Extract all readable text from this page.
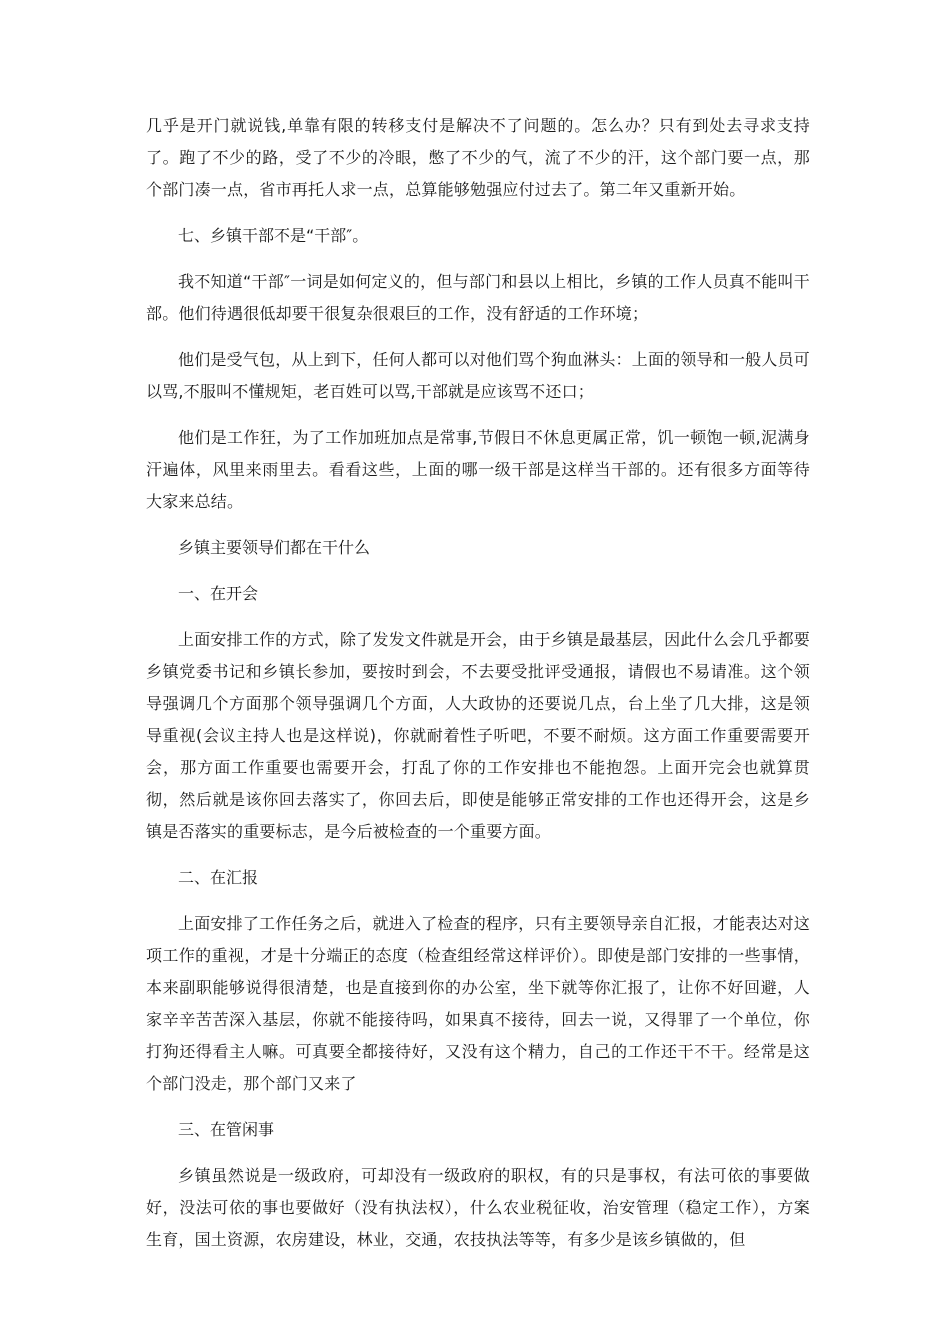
几乎是开门就说钱,单靠有限的转移支付是解决不了问题的。怎么办？只有到处去寻求支持了。跑了不少的路，受了不少的冷眼，憋了不少的气，流了不少的汗，这个部门要一点，那个部门凑一点，省市再托人求一点，总算能够勉强应付过去了。第二年又重新开始。

七、乡镇干部不是“干部″。

我不知道“干部″一词是如何定义的，但与部门和县以上相比，乡镇的工作人员真不能叫干部。他们待遇很低却要干很复杂很艰巨的工作，没有舒适的工作环境；

他们是受气包，从上到下，任何人都可以对他们骂个狗血淋头：上面的领导和一般人员可以骂,不服叫不懂规矩，老百姓可以骂,干部就是应该骂不还口；

他们是工作狂，为了工作加班加点是常事,节假日不休息更属正常，饥一顿饱一顿,泥满身汗遍体，风里来雨里去。看看这些，上面的哪一级干部是这样当干部的。还有很多方面等待大家来总结。

乡镇主要领导们都在干什么

一、在开会

上面安排工作的方式，除了发发文件就是开会，由于乡镇是最基层，因此什么会几乎都要乡镇党委书记和乡镇长参加，要按时到会，不去要受批评受通报，请假也不易请准。这个领导强调几个方面那个领导强调几个方面，人大政协的还要说几点，台上坐了几大排，这是领导重视(会议主持人也是这样说)，你就耐着性子听吧，不要不耐烦。这方面工作重要需要开会，那方面工作重要也需要开会，打乱了你的工作安排也不能抱怨。上面开完会也就算贯彻，然后就是该你回去落实了，你回去后，即使是能够正常安排的工作也还得开会，这是乡镇是否落实的重要标志，是今后被检查的一个重要方面。

二、在汇报

上面安排了工作任务之后，就进入了检查的程序，只有主要领导亲自汇报，才能表达对这项工作的重视，才是十分端正的态度（检查组经常这样评价）。即使是部门安排的一些事情，本来副职能够说得很清楚，也是直接到你的办公室，坐下就等你汇报了，让你不好回避，人家辛辛苦苦深入基层，你就不能接待吗，如果真不接待，回去一说，又得罪了一个单位，你打狗还得看主人嘛。可真要全都接待好，又没有这个精力，自己的工作还干不干。经常是这个部门没走，那个部门又来了

三、在管闲事

乡镇虽然说是一级政府，可却没有一级政府的职权，有的只是事权，有法可依的事要做好，没法可依的事也要做好（没有执法权），什么农业税征收，治安管理（稳定工作），方案生育，国土资源，农房建设，林业，交通，农技执法等等，有多少是该乡镇做的，但
